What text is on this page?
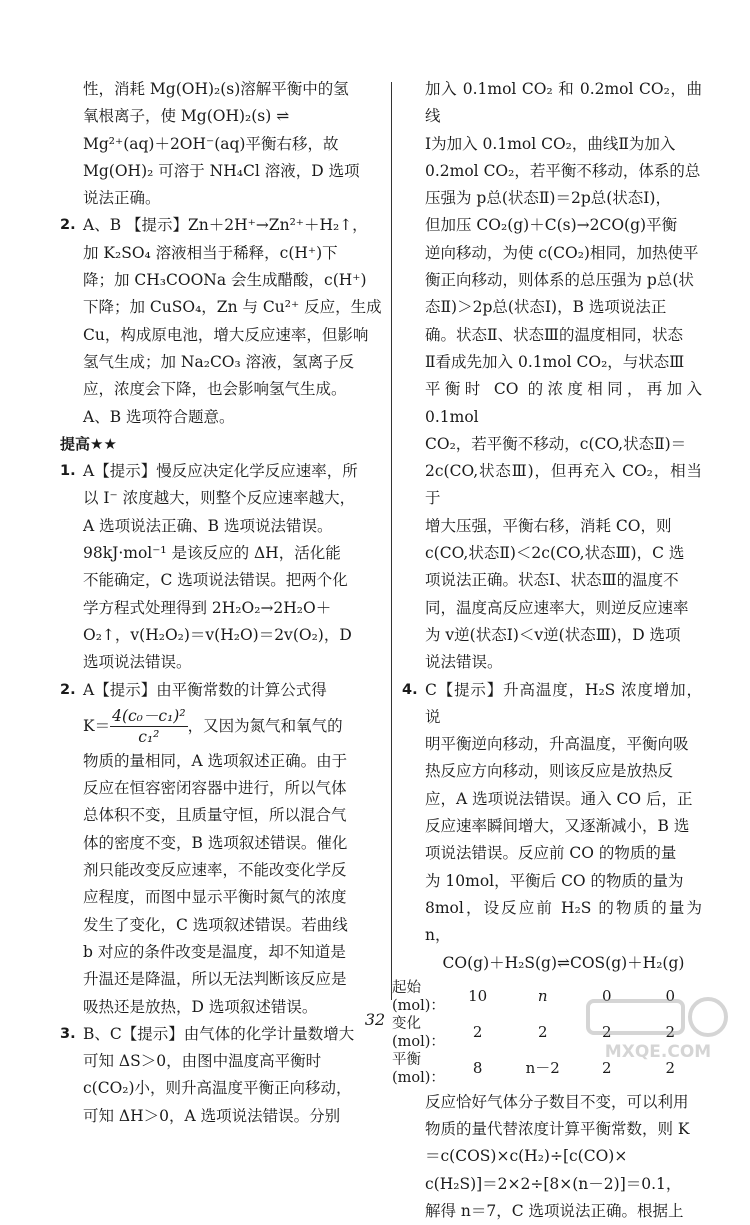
性，消耗 Mg(OH)₂(s)溶解平衡中的氢

氧根离子，使 Mg(OH)₂(s) ⇌

Mg²⁺(aq)＋2OH⁻(aq)平衡右移，故

Mg(OH)₂ 可溶于 NH₄Cl 溶液，D 选项

说法正确。

2. A、B 【提示】Zn＋2H⁺→Zn²⁺＋H₂↑，

加 K₂SO₄ 溶液相当于稀释，c(H⁺)下

降；加 CH₃COONa 会生成醋酸，c(H⁺)

下降；加 CuSO₄，Zn 与 Cu²⁺ 反应，生成

Cu，构成原电池，增大反应速率，但影响

氢气生成；加 Na₂CO₃ 溶液，氢离子反

应，浓度会下降，也会影响氢气生成。

A、B 选项符合题意。

提高★★

1. A【提示】慢反应决定化学反应速率，所

以 I⁻ 浓度越大，则整个反应速率越大，

A 选项说法正确、B 选项说法错误。

98kJ·mol⁻¹ 是该反应的 ΔH，活化能

不能确定，C 选项说法错误。把两个化

学方程式处理得到 2H₂O₂→2H₂O＋

O₂↑，v(H₂O₂)＝v(H₂O)＝2v(O₂)，D

选项说法错误。

2. A【提示】由平衡常数的计算公式得

$K= \frac{\text{4(c₀－c₁)²}}{\text{c₁²}}$ ，又因为氮气和氧气的

物质的量相同，A 选项叙述正确。由于

反应在恒容密闭容器中进行，所以气体

总体积不变，且质量守恒，所以混合气

体的密度不变，B 选项叙述错误。催化

剂只能改变反应速率，不能改变化学反

应程度，而图中显示平衡时氮气的浓度

发生了变化，C 选项叙述错误。若曲线

b 对应的条件改变是温度，却不知道是

升温还是降温，所以无法判断该反应是

吸热还是放热，D 选项叙述错误。

3. B、C【提示】由气体的化学计量数增大

可知 ΔS＞0，由图中温度高平衡时

c(CO₂)小，则升高温度平衡正向移动，

可知 ΔH＞0，A 选项说法错误。分别

加入 0.1mol CO₂ 和 0.2mol CO₂，曲线

Ⅰ为加入 0.1mol CO₂，曲线Ⅱ为加入

0.2mol CO₂，若平衡不移动，体系的总

压强为 p总(状态Ⅱ)＝2p总(状态Ⅰ)，

但加压 CO₂(g)＋C(s)→2CO(g)平衡

逆向移动，为使 c(CO₂)相同，加热使平

衡正向移动，则体系的总压强为 p总(状

态Ⅱ)＞2p总(状态Ⅰ)，B 选项说法正

确。状态Ⅱ、状态Ⅲ的温度相同，状态

Ⅱ看成先加入 0.1mol CO₂，与状态Ⅲ

平衡时 CO 的浓度相同，再加入 0.1mol

CO₂，若平衡不移动，c(CO,状态Ⅱ)＝

2c(CO,状态Ⅲ)，但再充入 CO₂，相当于

增大压强，平衡右移，消耗 CO，则

c(CO,状态Ⅱ)＜2c(CO,状态Ⅲ)，C 选

项说法正确。状态Ⅰ、状态Ⅲ的温度不

同，温度高反应速率大，则逆反应速率

为 v逆(状态Ⅰ)＜v逆(状态Ⅲ)，D 选项

说法错误。

4. C【提示】升高温度，H₂S 浓度增加，说

明平衡逆向移动，升高温度，平衡向吸

热反应方向移动，则该反应是放热反

应，A 选项说法错误。通入 CO 后，正

反应速率瞬间增大，又逐渐减小，B 选

项说法错误。反应前 CO 的物质的量

为 10mol，平衡后 CO 的物质的量为

8mol，设反应前 H₂S 的物质的量为 n，

CO(g)＋H₂S(g)⇌COS(g)＋H₂(g)

起始
(mol)：	10	n	0	0
变化
(mol)：	2	2	2	2
平衡
(mol)：	8	n－2	2	2

反应恰好气体分子数目不变，可以利用

物质的量代替浓度计算平衡常数，则 K

＝c(COS)×c(H₂)÷[c(CO)×

c(H₂S)]＝2×2÷[8×(n－2)]＝0.1，

解得 n＝7，C 选项说法正确。根据上

32
MXQE.COM
